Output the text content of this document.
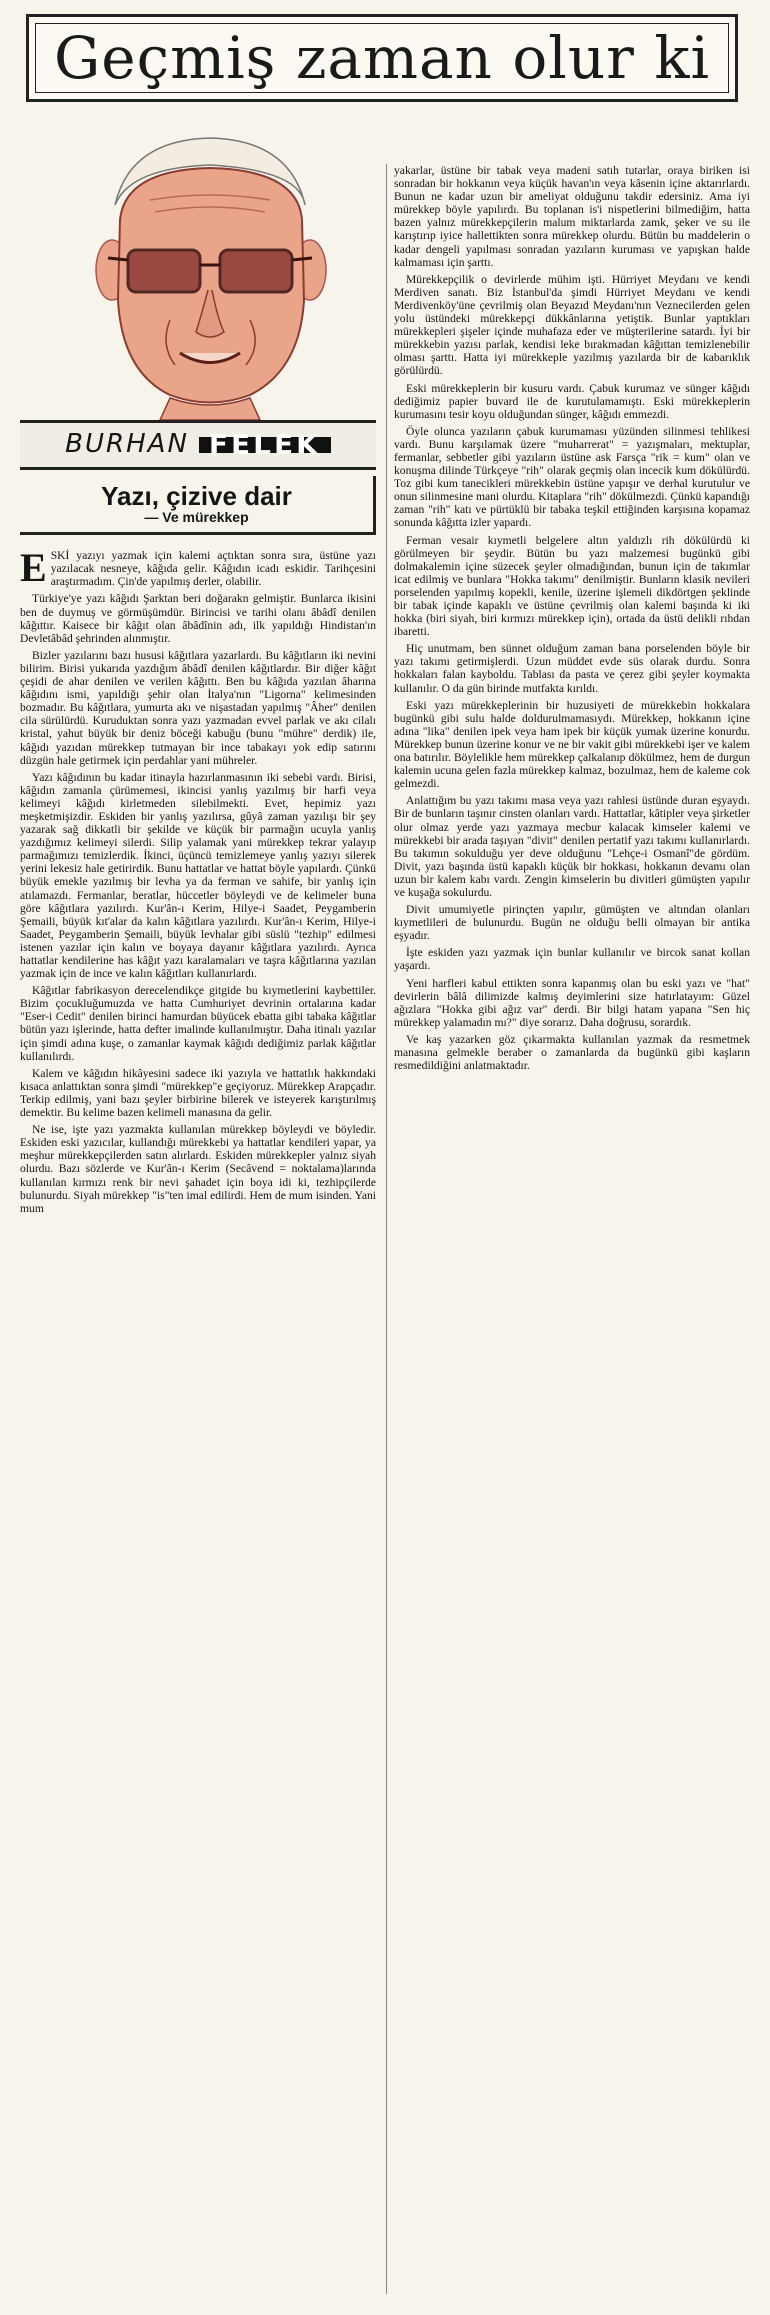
Geçmiş zaman olur ki
BURHAN FELEK
Yazı, çizive dair
— Ve mürekkep

ESKİ yazıyı yazmak için kalemi açtıktan sonra sıra, üstüne yazı yazılacak nesneye, kâğıda gelir. Kâğıdın icadı eskidir. Tarihçesini araştırmadım. Çin'de yapılmış derler, olabilir.

Türkiye'ye yazı kâğıdı Şarktan beri doğarakn gelmiştir. Bunlarca ikisini ben de duymuş ve görmüşümdür. Birincisi ve tarihi olanı âbâdî denilen kâğıttır. Kaisece bir kâğıt olan âbâdînin adı, ilk yapıldığı Hindistan'ın Devletâbâd şehrinden alınmıştır.

Bizler yazılarını bazı hususi kâğıtlara yazarlardı. Bu kâğıtların iki nevini bilirim. Birisi yukarıda yazdığım âbâdî denilen kâğıtlardır. Bir diğer kâğıt çeşidi de ahar denilen ve verilen kâğıttı. Ben bu kâğıda yazılan âharına kâğıdını ismi, yapıldığı şehir olan İtalya'nın "Ligorna" kelimesinden bozmadır. Bu kâğıtlara, yumurta akı ve nişastadan yapılmış "Âher" denilen cila sürülürdü. Kuruduktan sonra yazı yazmadan evvel parlak ve akı cilalı kristal, yahut büyük bir deniz böceği kabuğu (bunu "mühre" derdik) ile, kâğıdı yazıdan mürekkep tutmayan bir ince tabakayı yok edip satırını düzgün hale getirmek için perdahlar yani mühreler.

Yazı kâğıdının bu kadar itinayla hazırlanmasının iki sebebi vardı. Birisi, kâğıdın zamanla çürümemesi, ikincisi yanlış yazılmış bir harfi veya kelimeyi kâğıdı kirletmeden silebilmekti. Evet, hepimiz yazı meşketmişizdir. Eskiden bir yanlış yazılırsa, gûyâ zaman yazılışı bir şey yazarak sağ dikkatli bir şekilde ve küçük bir parmağın ucuyla yanlış yazdığımız kelimeyi silerdi. Silip yalamak yani mürekkep tekrar yalayıp parmağımızı temizlerdik. İkinci, üçüncü temizlemeye yanlış yazıyı silerek yerini lekesiz hale getirirdik. Bunu hattatlar ve hattat böyle yapılardı. Çünkü büyük emekle yazılmış bir levha ya da ferman ve sahife, bir yanlış için atılamazdı. Fermanlar, beratlar, hüccetler böyleydi ve de kelimeler buna göre kâğıtlara yazılırdı. Kur'ân-ı Kerim, Hilye-i Saadet, Peygamberin Şemaili, büyük kıt'alar da kalın kâğıtlara yazılırdı. Kur'ân-ı Kerim, Hilye-i Saadet, Peygamberin Şemaili, büyük levhalar gibi süslü "tezhip" edilmesi istenen yazılar için kalın ve boyaya dayanır kâğıtlara yazılırdı. Ayrıca hattatlar kendilerine has kâğıt yazı karalamaları ve taşra kâğıtlarına yazılan yazmak için de ince ve kalın kâğıtları kullanırlardı.

Kâğıtlar fabrikasyon derecelendikçe gitgide bu kıymetlerini kaybettiler. Bizim çocukluğumuzda ve hatta Cumhuriyet devrinin ortalarına kadar "Eser-i Cedit" denilen birinci hamurdan büyücek ebatta gibi tabaka kâğıtlar bütün yazı işlerinde, hatta defter imalinde kullanılmıştır. Daha itinalı yazılar için şimdi adına kuşe, o zamanlar kaymak kâğıdı dediğimiz parlak kâğıtlar kullanılırdı.

Kalem ve kâğıdın hikâyesini sadece iki yazıyla ve hattatlık hakkındaki kısaca anlattıktan sonra şimdi "mürekkep"e geçiyoruz. Mürekkep Arapçadır. Terkip edilmiş, yani bazı şeyler birbirine bilerek ve isteyerek karıştırılmış demektir. Bu kelime bazen kelimeli manasına da gelir.

Ne ise, işte yazı yazmakta kullanılan mürekkep böyleydi ve böyledir. Eskiden eski yazıcılar, kullandığı mürekkebi ya hattatlar kendileri yapar, ya meşhur mürekkepçilerden satın alırlardı. Eskiden mürekkepler yalnız siyah olurdu. Bazı sözlerde ve Kur'ân-ı Kerim (Secâvend = noktalama)larında kullanılan kırmızı renk bir nevi şahadet için boya idi ki, tezhipçilerde bulunurdu. Siyah mürekkep "is"ten imal edilirdi. Hem de mum isinden. Yani mum

yakarlar, üstüne bir tabak veya madeni satıh tutarlar, oraya biriken isi sonradan bir hokkanın veya küçük havan'ın veya kâsenin içine aktarırlardı. Bunun ne kadar uzun bir ameliyat olduğunu takdir edersiniz. Ama iyi mürekkep böyle yapılırdı. Bu toplanan is'i nispetlerini bilmediğim, hatta bazen yalnız mürekkepçilerin malum miktarlarda zamk, şeker ve su ile karıştırıp iyice hallettikten sonra mürekkep olurdu. Bütün bu maddelerin o kadar dengeli yapılması sonradan yazıların kuruması ve yapışkan halde kalmaması için şarttı.

Mürekkepçilik o devirlerde mühim işti. Hürriyet Meydanı ve kendi Merdiven sanatı. Biz İstanbul'da şimdi Hürriyet Meydanı ve kendi Merdivenköy'üne çevrilmiş olan Beyazıd Meydanı'nın Veznecilerden gelen yolu üstündeki mürekkepçi dükkânlarına yetiştik. Bunlar yaptıkları mürekkepleri şişeler içinde muhafaza eder ve müşterilerine satardı. İyi bir mürekkebin yazısı parlak, kendisi leke bırakmadan kâğıttan temizlenebilir olması şarttı. Hatta iyi mürekkeple yazılmış yazılarda bir de kabarıklık görülürdü.

Eski mürekkeplerin bir kusuru vardı. Çabuk kurumaz ve sünger kâğıdı dediğimiz papier buvard ile de kurutulamamıştı. Eski mürekkeplerin kurumasını tesir koyu olduğundan sünger, kâğıdı emmezdi.

Öyle olunca yazıların çabuk kurumaması yüzünden silinmesi tehlikesi vardı. Bunu karşılamak üzere "muharrerat" = yazışmaları, mektuplar, fermanlar, sebbetler gibi yazıların üstüne ask Farsça "rik = kum" olan ve konuşma dilinde Türkçeye "rih" olarak geçmiş olan incecik kum dökülürdü. Toz gibi kum tanecikleri mürekkebin üstüne yapışır ve derhal kurutulur ve onun silinmesine mani olurdu. Kitaplara "rih" dökülmezdi. Çünkü kapandığı zaman "rih" katı ve pürtüklü bir tabaka teşkil ettiğinden karşısına kopamaz sonunda kâğıtta izler yapardı.

Ferman vesair kıymetli belgelere altın yaldızlı rih dökülürdü ki görülmeyen bir şeydir. Bütün bu yazı malzemesi bugünkü gibi dolmakalemin içine süzecek şeyler olmadığından, bunun için de takımlar icat edilmiş ve bunlara "Hokka takımı" denilmiştir. Bunların klasik nevileri porselenden yapılmış kopekli, kenile, üzerine işlemeli dikdörtgen şeklinde bir tabak içinde kapaklı ve üstüne çevrilmiş olan kalemi başında ki iki hokka (biri siyah, biri kırmızı mürekkep için), ortada da üstü delikli rıhdan ibaretti.

Hiç unutmam, ben sünnet olduğum zaman bana porselenden böyle bir yazı takımı getirmişlerdi. Uzun müddet evde süs olarak durdu. Sonra hokkaları falan kayboldu. Tablası da pasta ve çerez gibi şeyler koymakta kullanılır. O da gün birinde mutfakta kırıldı.

Eski yazı mürekkeplerinin bir huzusiyeti de mürekkebin hokkalara bugünkü gibi sulu halde doldurulmamasıydı. Mürekkep, hokkanın içine adına "lika" denilen ipek veya ham ipek bir küçük yumak üzerine konurdu. Mürekkep bunun üzerine konur ve ne bir vakit gibi mürekkebi işer ve kalem ona batırılır. Böylelikle hem mürekkep çalkalanıp dökülmez, hem de durgun kalemin ucuna gelen fazla mürekkep kalmaz, bozulmaz, hem de kaleme cok gelmezdi.

Anlattığım bu yazı takımı masa veya yazı rahlesi üstünde duran eşyaydı. Bir de bunların taşınır cinsten olanları vardı. Hattatlar, kâtipler veya şirketler olur olmaz yerde yazı yazmaya mecbur kalacak kimseler kalemi ve mürekkebi bir arada taşıyan "divit" denilen pertatif yazı takımı kullanırlardı. Bu takımın sokulduğu yer deve olduğunu "Lehçe-i Osmanî"de gördüm. Divit, yazı başında üstü kapaklı küçük bir hokkası, hokkanın devamı olan uzun bir kalem kabı vardı. Zengin kimselerin bu divitleri gümüşten yapılır ve kuşağa sokulurdu.

Divit umumiyetle pirinçten yapılır, gümüşten ve altından olanları kıymetlileri de bulunurdu. Bugün ne olduğu belli olmayan bir antika eşyadır.

İşte eskiden yazı yazmak için bunlar kullanılır ve bircok sanat kollan yaşardı.

Yeni harfleri kabul ettikten sonra kapanmış olan bu eski yazı ve "hat" devirlerin bâlâ dilimizde kalmış deyimlerini size hatırlatayım: Güzel ağızlara "Hokka gibi ağız var" derdi. Bir bilgi hatam yapana "Sen hiç mürekkep yalamadın mı?" diye sorarız. Daha doğrusu, sorardık.

Ve kaş yazarken göz çıkarmakta kullanılan yazmak da resmetmek manasına gelmekle beraber o zamanlarda da bugünkü gibi kaşların resmedildiğini anlatmaktadır.
